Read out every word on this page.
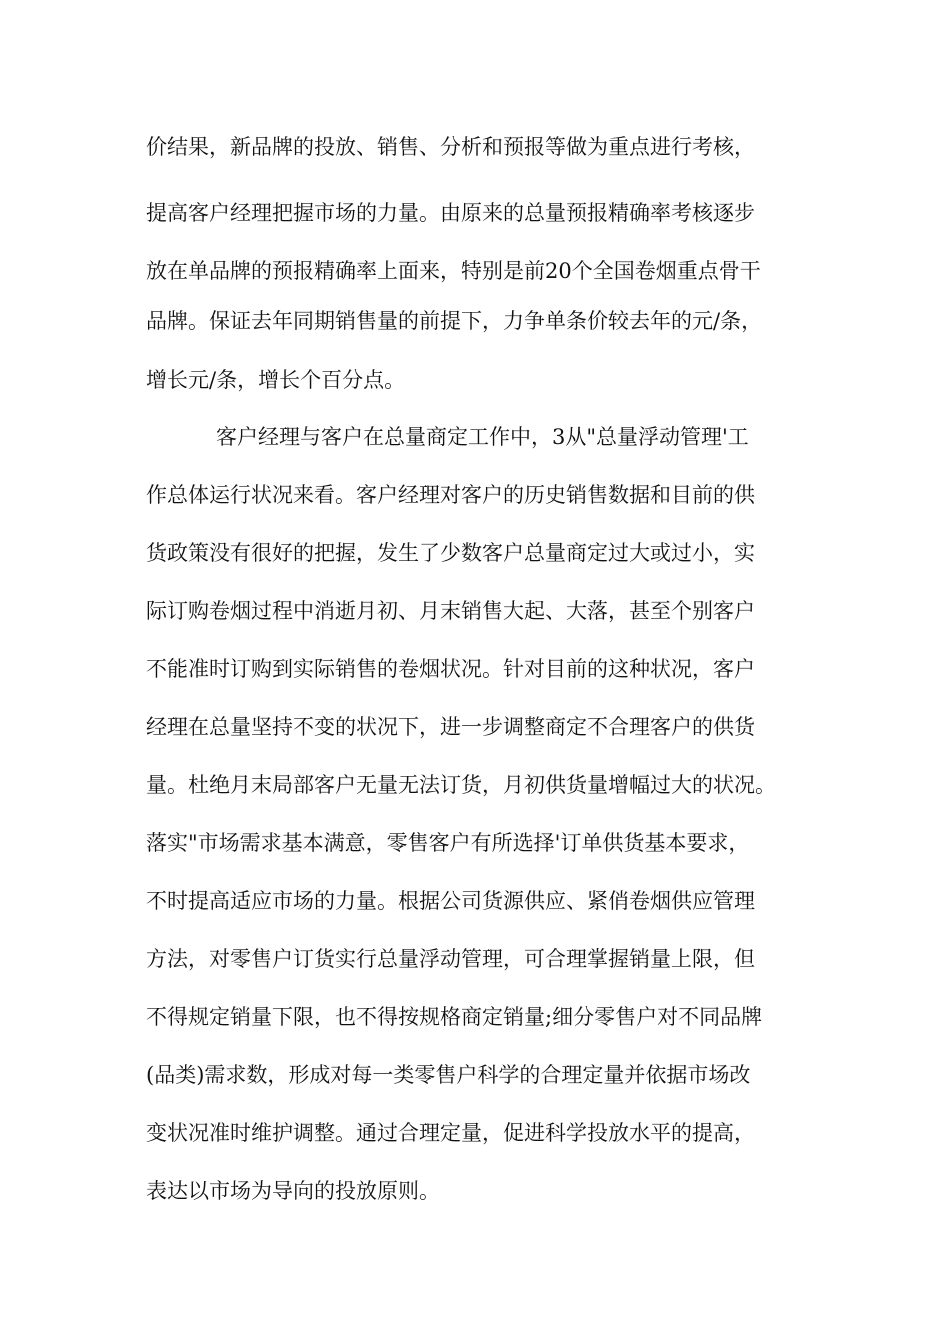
价结果，新品牌的投放、销售、分析和预报等做为重点进行考核，

提高客户经理把握市场的力量。由原来的总量预报精确率考核逐步

放在单品牌的预报精确率上面来，特别是前20个全国卷烟重点骨干

品牌。保证去年同期销售量的前提下，力争单条价较去年的元/条，

增长元/条，增长个百分点。

客户经理与客户在总量商定工作中，3从"总量浮动管理'工

作总体运行状况来看。客户经理对客户的历史销售数据和目前的供

货政策没有很好的把握，发生了少数客户总量商定过大或过小，实

际订购卷烟过程中消逝月初、月末销售大起、大落，甚至个别客户

不能准时订购到实际销售的卷烟状况。针对目前的这种状况，客户

经理在总量坚持不变的状况下，进一步调整商定不合理客户的供货

量。杜绝月末局部客户无量无法订货，月初供货量增幅过大的状况。

落实"市场需求基本满意，零售客户有所选择'订单供货基本要求，

不时提高适应市场的力量。根据公司货源供应、紧俏卷烟供应管理

方法，对零售户订货实行总量浮动管理，可合理掌握销量上限，但

不得规定销量下限，也不得按规格商定销量;细分零售户对不同品牌

(品类)需求数，形成对每一类零售户科学的合理定量并依据市场改

变状况准时维护调整。通过合理定量，促进科学投放水平的提高，

表达以市场为导向的投放原则。
